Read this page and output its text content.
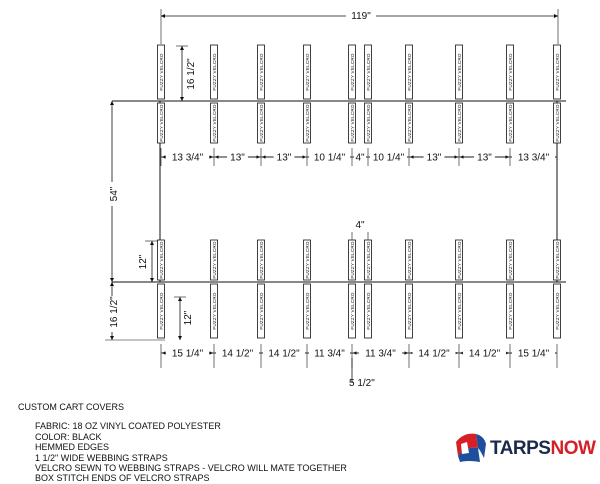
FUZZY VELCRO
FUZZY VELCRO
FUZZY VELCRO
FUZZY VELCRO
FUZZY VELCRO
FUZZY VELCRO
FUZZY VELCRO
FUZZY VELCRO
FUZZY VELCRO
FUZZY VELCRO
FUZZY VELCRO
FUZZY VELCRO
FUZZY VELCRO
FUZZY VELCRO
FUZZY VELCRO
FUZZY VELCRO
FUZZY VELCRO
FUZZY VELCRO
FUZZY VELCRO
FUZZY VELCRO
FUZZY VELCRO
FUZZY VELCRO
FUZZY VELCRO
FUZZY VELCRO
FUZZY VELCRO
FUZZY VELCRO
FUZZY VELCRO
FUZZY VELCRO
FUZZY VELCRO
FUZZY VELCRO
FUZZY VELCRO
FUZZY VELCRO
FUZZY VELCRO
FUZZY VELCRO
FUZZY VELCRO
FUZZY VELCRO
FUZZY VELCRO
FUZZY VELCRO
FUZZY VELCRO
FUZZY VELCRO
119"
54"
16 1/2"
12"
16 1/2"	12"
4"
5 1/2"
13 3/4"	13"	13" 10 1/4" 4" 10 1/4" 13"	13"	13 3/4"
15 1/4" 14 1/2" 14 1/2" 11 3/4" 11 3/4" 14 1/2" 14 1/2" 15 1/4"
CUSTOM CART COVERS
FABRIC: 18 OZ VINYL COATED POLYESTER
COLOR: BLACK
HEMMED EDGES
1 1/2" WIDE WEBBING STRAPS
VELCRO SEWN TO WEBBING STRAPS - VELCRO WILL MATE TOGETHER
BOX STITCH ENDS OF VELCRO STRAPS
TARPSNOW
